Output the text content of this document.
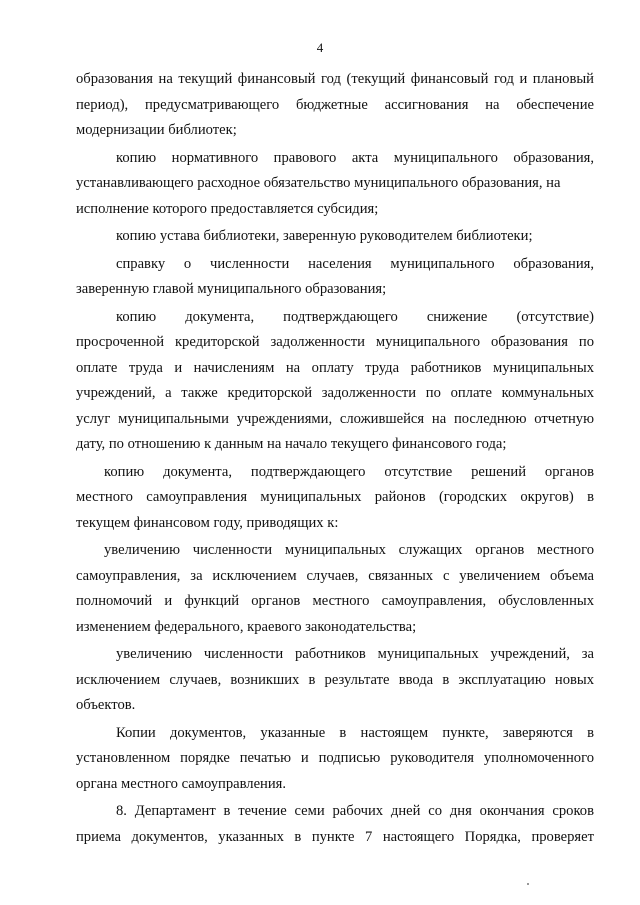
4
образования на текущий финансовый год (текущий финансовый год и плановый
период), предусматривающего бюджетные ассигнования на обеспечение
модернизации библиотек;
копию нормативного правового акта муниципального образования,
устанавливающего расходное обязательство муниципального образования, на
исполнение которого предоставляется субсидия;
копию устава библиотеки, заверенную руководителем библиотеки;
справку о численности населения муниципального образования,
заверенную главой муниципального образования;
копию документа, подтверждающего снижение (отсутствие)
просроченной кредиторской задолженности муниципального образования по
оплате труда и начислениям на оплату труда работников муниципальных
учреждений, а также кредиторской задолженности по оплате коммунальных
услуг муниципальными учреждениями, сложившейся на последнюю отчетную
дату, по отношению к данным на начало текущего финансового года;
копию документа, подтверждающего отсутствие решений органов
местного самоуправления муниципальных районов (городских округов) в
текущем финансовом году, приводящих к:
увеличению численности муниципальных служащих органов местного
самоуправления, за исключением случаев, связанных с увеличением объема
полномочий и функций органов местного самоуправления, обусловленных
изменением федерального, краевого законодательства;
увеличению численности работников муниципальных учреждений, за
исключением случаев, возникших в результате ввода в эксплуатацию новых
объектов.
Копии документов, указанные в настоящем пункте, заверяются в
установленном порядке печатью и подписью руководителя уполномоченного
органа местного самоуправления.
8. Департамент в течение семи рабочих дней со дня окончания сроков
приема документов, указанных в пункте 7 настоящего Порядка, проверяет
